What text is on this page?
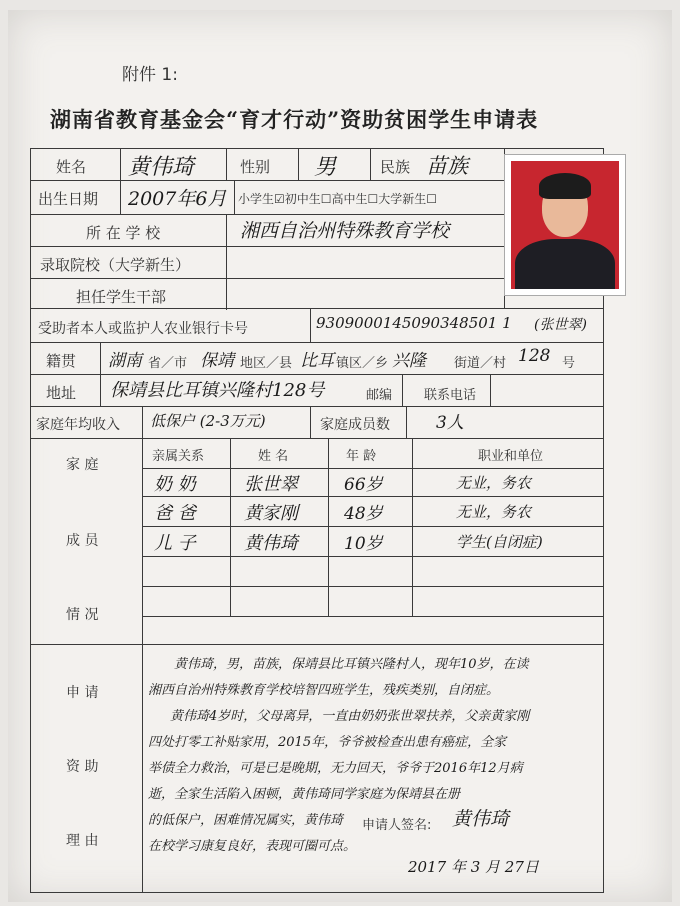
附件 1:
湖南省教育基金会“育才行动”资助贫困学生申请表
姓名 黄伟琦	性别 男	民族 苗族
出生日期 2007年6月 小学生☑初中生☐高中生☐大学新生☐
所 在 学 校	湘西自治州特殊教育学校
录取院校（大学新生）
担任学生干部
受助者本人或监护人农业银行卡号	9309000145090348501 1 (张世翠)
籍贯 湖南 省／市 保靖 地区／县 比耳 镇区／乡 兴隆 街道／村 128 号
地址 保靖县比耳镇兴隆村128号	邮编 联系电话
家庭年均收入 低保户 (2-3万元)	家庭成员数	3人
家 庭
成 员
情 况
亲属关系	姓 名	年 龄	职业和单位
奶 奶	张世翠	66岁	无业，务农
爸 爸	黄家刚	48岁	无业，务农
儿 子	黄伟琦	10岁	学生(自闭症)
申 请
资 助
理 由
黄伟琦，男，苗族，保靖县比耳镇兴隆村人，现年10岁，在读
湘西自治州特殊教育学校培智四班学生，残疾类别，自闭症。
黄伟琦4岁时，父母离异，一直由奶奶张世翠扶养，父亲黄家刚
四处打零工补贴家用，2015年，爷爷被检查出患有癌症，全家
举债全力救治，可是已是晚期，无力回天，爷爷于2016年12月病
逝，全家生活陷入困顿，黄伟琦同学家庭为保靖县在册
的低保户，困难情况属实，黄伟琦 申请人签名: 黄伟琦
在校学习康复良好，表现可圈可点。
2017 年 3 月 27日
